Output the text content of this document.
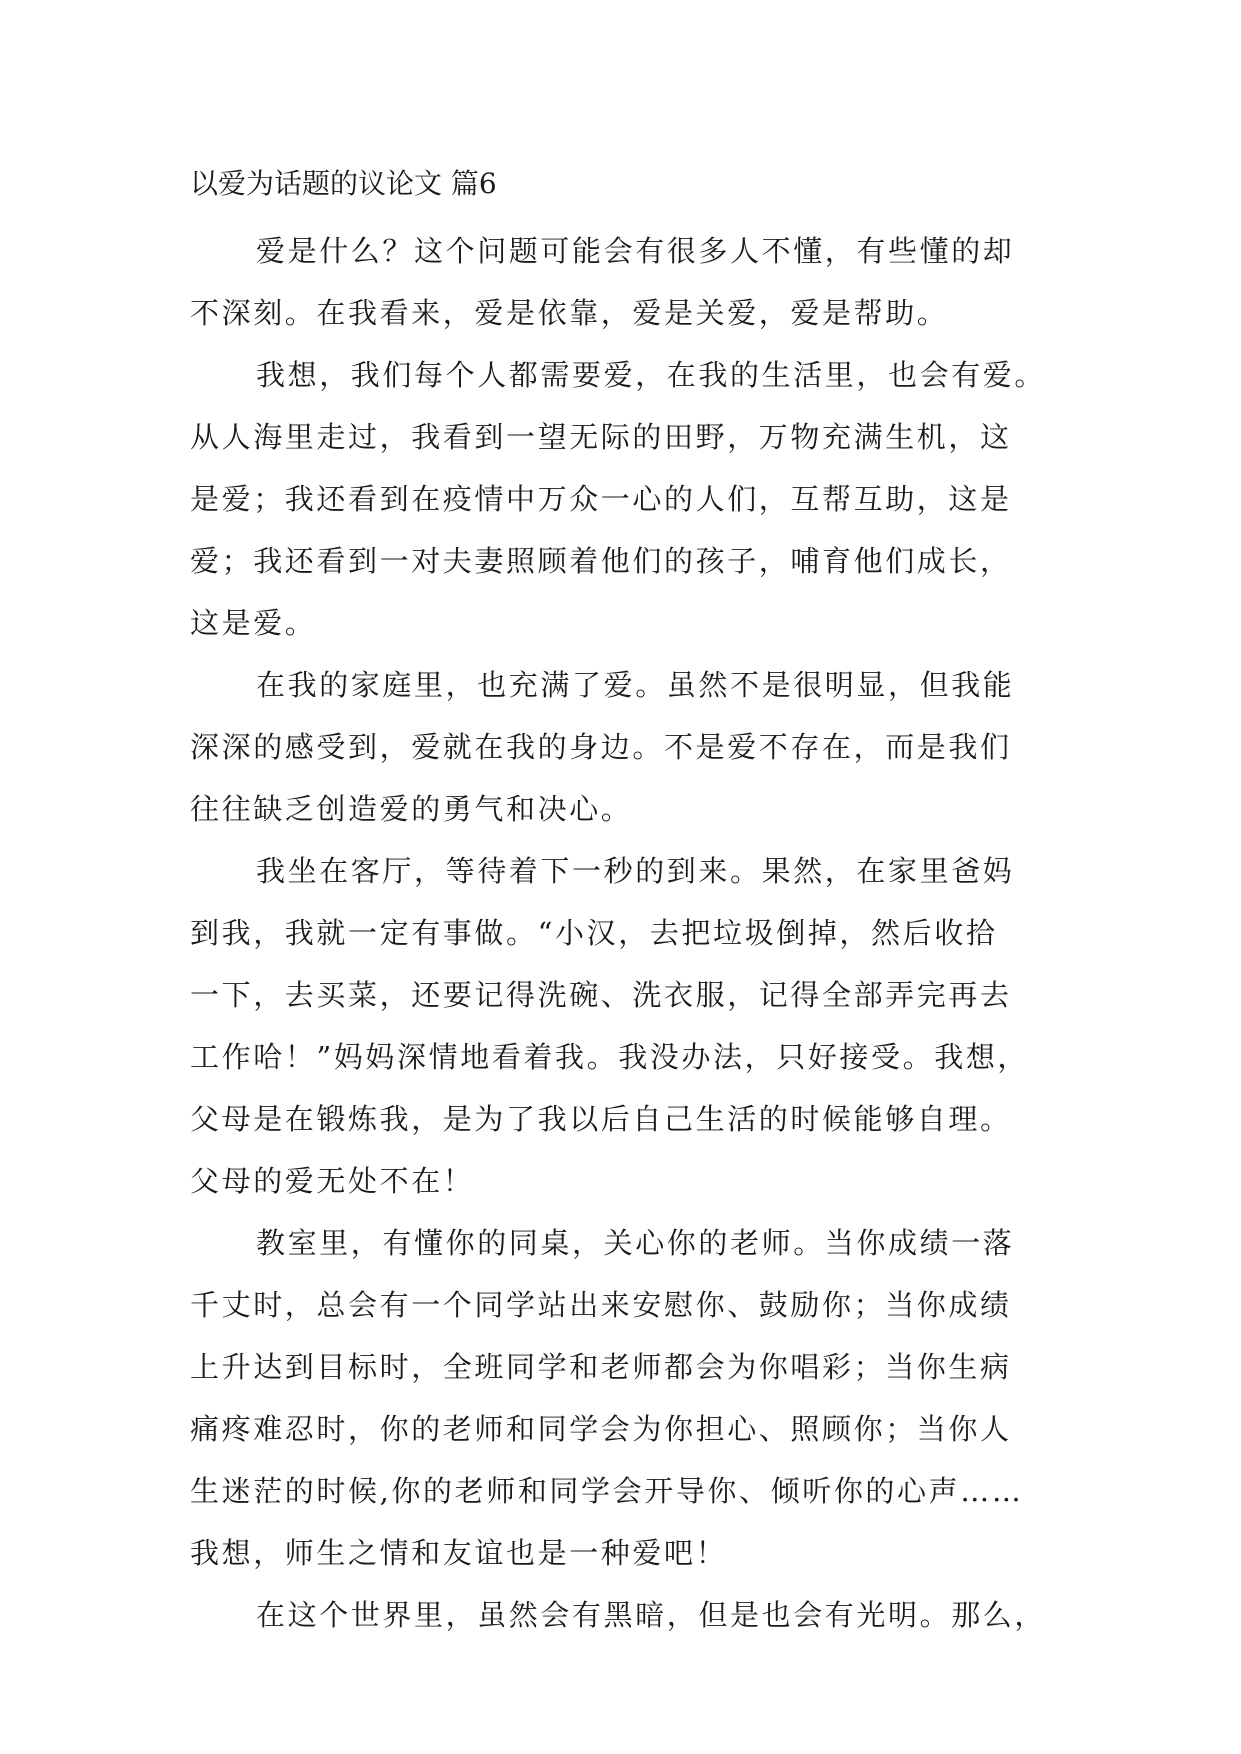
以爱为话题的议论文 篇6

爱是什么？这个问题可能会有很多人不懂，有些懂的却
不深刻。在我看来，爱是依靠，爱是关爱，爱是帮助。

我想，我们每个人都需要爱，在我的生活里，也会有爱。
从人海里走过，我看到一望无际的田野，万物充满生机，这
是爱；我还看到在疫情中万众一心的人们，互帮互助，这是
爱；我还看到一对夫妻照顾着他们的孩子，哺育他们成长，
这是爱。

在我的家庭里，也充满了爱。虽然不是很明显，但我能
深深的感受到，爱就在我的身边。不是爱不存在，而是我们
往往缺乏创造爱的勇气和决心。

我坐在客厅，等待着下一秒的到来。果然，在家里爸妈
到我，我就一定有事做。“小汉，去把垃圾倒掉，然后收拾
一下，去买菜，还要记得洗碗、洗衣服，记得全部弄完再去
工作哈！”妈妈深情地看着我。我没办法，只好接受。我想，
父母是在锻炼我，是为了我以后自己生活的时候能够自理。
父母的爱无处不在！

教室里，有懂你的同桌，关心你的老师。当你成绩一落
千丈时，总会有一个同学站出来安慰你、鼓励你；当你成绩
上升达到目标时，全班同学和老师都会为你唱彩；当你生病
痛疼难忍时，你的老师和同学会为你担心、照顾你；当你人
生迷茫的时候,你的老师和同学会开导你、倾听你的心声……
我想，师生之情和友谊也是一种爱吧！

在这个世界里，虽然会有黑暗，但是也会有光明。那么，
